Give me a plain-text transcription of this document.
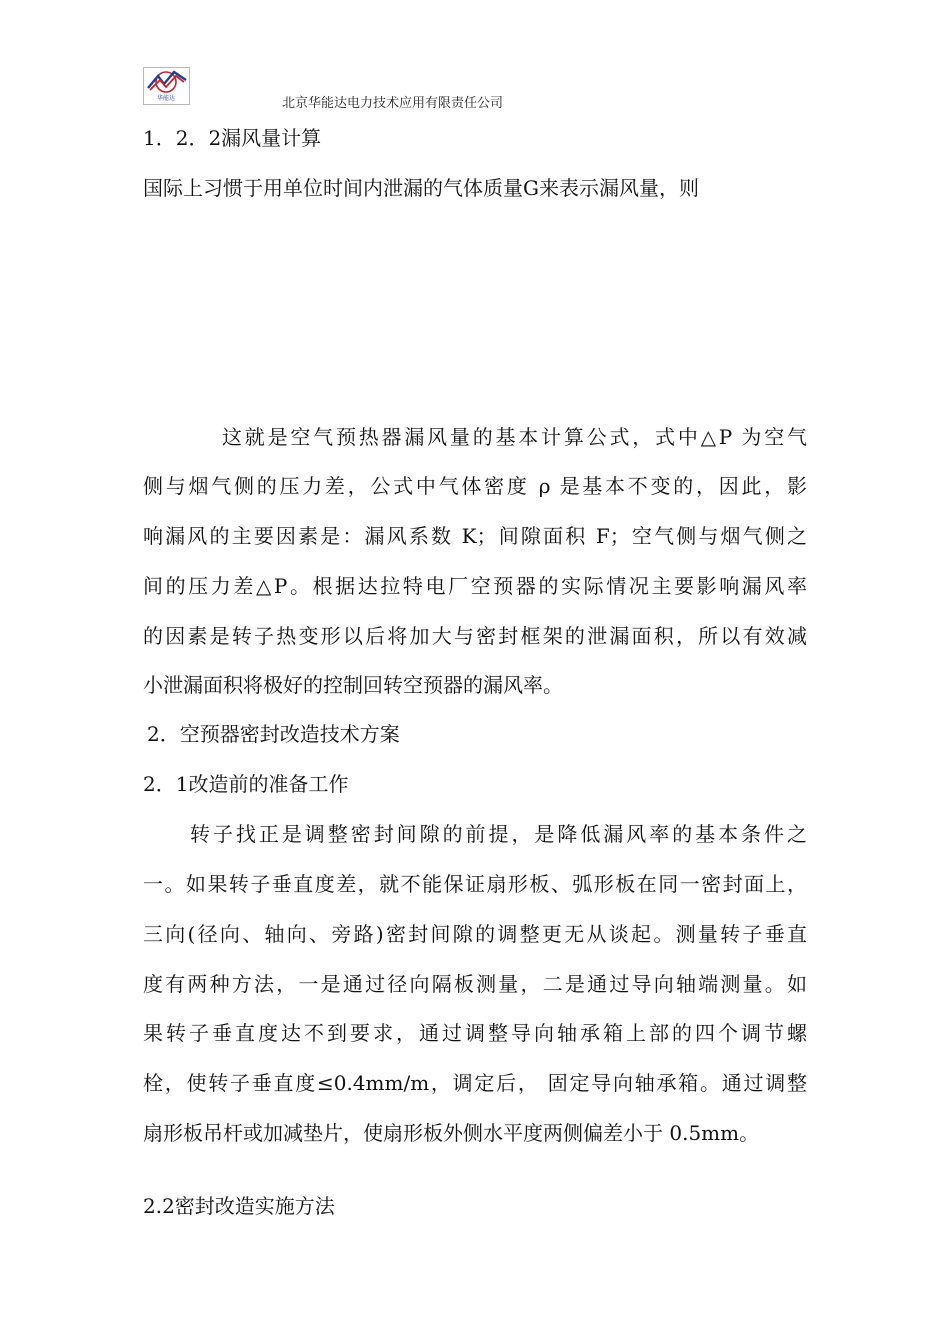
华能达	北京华能达电力技术应用有限责任公司
1．2．2漏风量计算
国际上习惯于用单位时间内泄漏的气体质量G来表示漏风量，则
这就是空气预热器漏风量的基本计算公式，式中△P 为空气
侧与烟气侧的压力差，公式中气体密度 ρ 是基本不变的，因此，影
响漏风的主要因素是：漏风系数 K；间隙面积 F；空气侧与烟气侧之
间的压力差△P。根据达拉特电厂空预器的实际情况主要影响漏风率
的因素是转子热变形以后将加大与密封框架的泄漏面积，所以有效减
小泄漏面积将极好的控制回转空预器的漏风率。
2．空预器密封改造技术方案
2．1改造前的准备工作
转子找正是调整密封间隙的前提，是降低漏风率的基本条件之
一。如果转子垂直度差，就不能保证扇形板、弧形板在同一密封面上，
三向(径向、轴向、旁路)密封间隙的调整更无从谈起。测量转子垂直
度有两种方法，一是通过径向隔板测量，二是通过导向轴端测量。如
果转子垂直度达不到要求，通过调整导向轴承箱上部的四个调节螺
栓，使转子垂直度≤0.4mm/m，调定后， 固定导向轴承箱。通过调整
扇形板吊杆或加减垫片，使扇形板外侧水平度两侧偏差小于 0.5mm。
2.2密封改造实施方法
